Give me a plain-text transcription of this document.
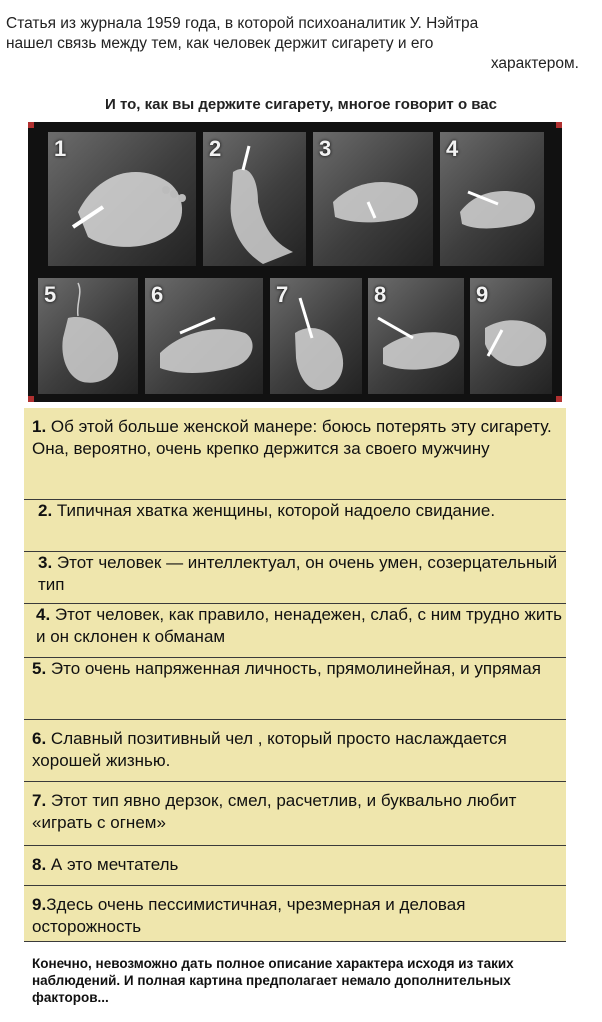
Статья из журнала 1959 года, в которой психоаналитик У. Нэйтра
нашел связь между тем, как человек держит сигарету и его

характером.
И то, как вы держите сигарету, многое говорит о вас
1	2	3	4
5	6	7	8	9
1. Об этой больше женской манере: боюсь потерять эту сигарету. Она, вероятно, очень крепко держится за своего мужчину
2. Типичная хватка женщины, которой надоело свидание.
3. Этот человек — интеллектуал, он очень умен, созерцательный тип
4. Этот человек, как правило, ненадежен, слаб, с ним трудно жить и он склонен к обманам
5. Это очень напряженная личность, прямолинейная, и упрямая
6. Славный позитивный чел , который просто наслаждается хорошей жизнью.
7. Этот тип явно дерзок, смел, расчетлив, и буквально любит «играть с огнем»
8. А это мечтатель
9.Здесь очень пессимистичная, чрезмерная и деловая осторожность
Конечно, невозможно дать полное описание характера исходя из таких наблюдений. И полная картина предполагает немало дополнительных факторов...
